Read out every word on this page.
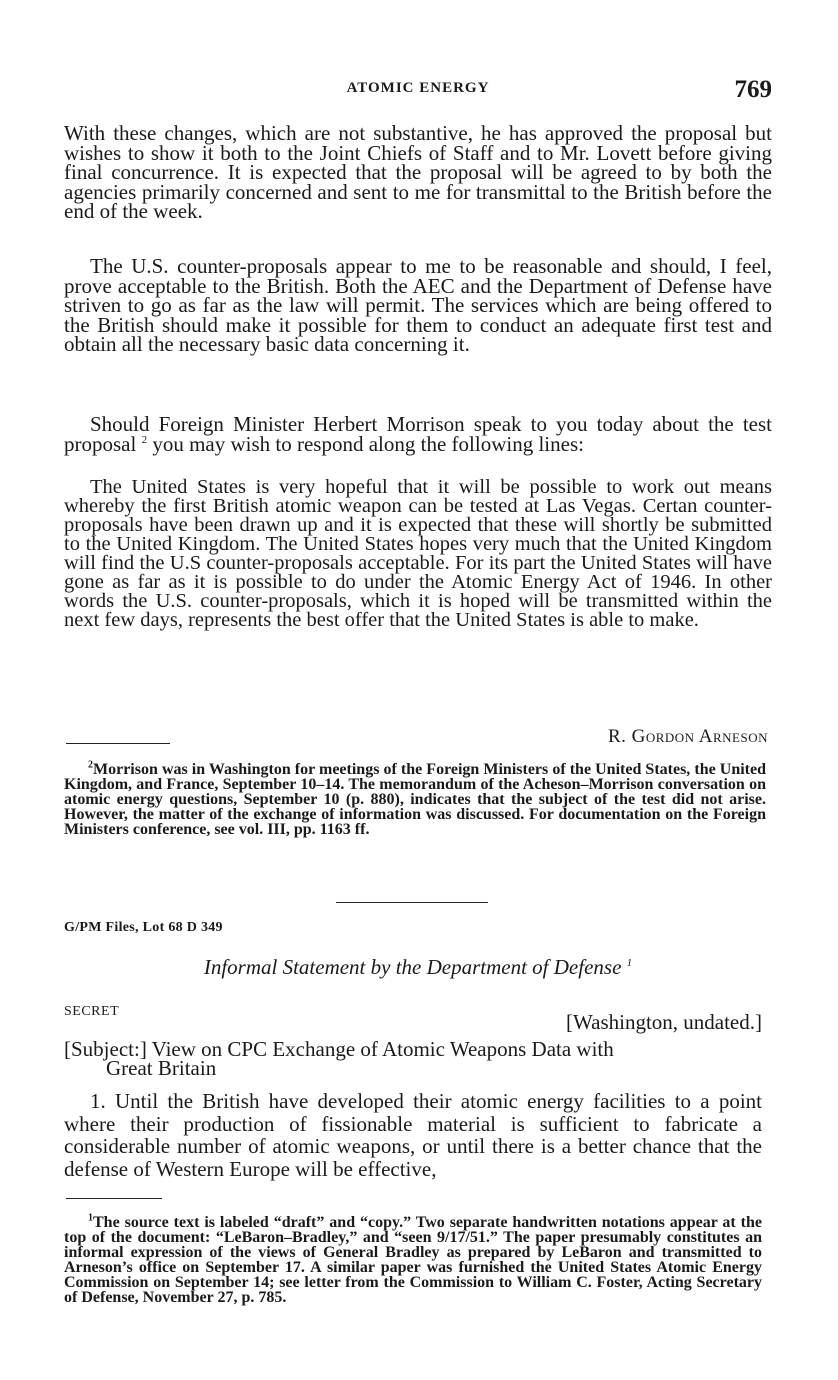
ATOMIC ENERGY	769

With these changes, which are not substantive, he has approved the proposal but wishes to show it both to the Joint Chiefs of Staff and to Mr. Lovett before giving final concurrence. It is expected that the proposal will be agreed to by both the agencies primarily concerned and sent to me for transmittal to the British before the end of the week.

The U.S. counter-proposals appear to me to be reasonable and should, I feel, prove acceptable to the British. Both the AEC and the Department of Defense have striven to go as far as the law will permit. The services which are being offered to the British should make it possible for them to conduct an adequate first test and obtain all the necessary basic data concerning it.

Should Foreign Minister Herbert Morrison speak to you today about the test proposal $^2$ you may wish to respond along the following lines:

The United States is very hopeful that it will be possible to work out means whereby the first British atomic weapon can be tested at Las Vegas. Certan counter-proposals have been drawn up and it is expected that these will shortly be submitted to the United Kingdom. The United States hopes very much that the United Kingdom will find the U.S counter-proposals acceptable. For its part the United States will have gone as far as it is possible to do under the Atomic Energy Act of 1946. In other words the U.S. counter-proposals, which it is hoped will be transmitted within the next few days, represents the best offer that the United States is able to make.

R. Gordon Arneson

$^2$Morrison was in Washington for meetings of the Foreign Ministers of the United States, the United Kingdom, and France, September 10–14. The memorandum of the Acheson–Morrison conversation on atomic energy questions, September 10 (p. 880), indicates that the subject of the test did not arise. However, the matter of the exchange of information was discussed. For documentation on the Foreign Ministers conference, see vol. III, pp. 1163 ff.

G/PM Files, Lot 68 D 349
Informal Statement by the Department of Defense $^1$
SECRET	[Washington, undated.]
[Subject:] View on CPC Exchange of Atomic Weapons Data with
Great Britain

1. Until the British have developed their atomic energy facilities to a point where their production of fissionable material is sufficient to fabricate a considerable number of atomic weapons, or until there is a better chance that the defense of Western Europe will be effective,

$^1$The source text is labeled “draft” and “copy.” Two separate handwritten notations appear at the top of the document: “LeBaron–Bradley,” and “seen 9/17/51.” The paper presumably constitutes an informal expression of the views of General Bradley as prepared by LeBaron and transmitted to Arneson’s office on September 17. A similar paper was furnished the United States Atomic Energy Commission on September 14; see letter from the Commission to William C. Foster, Acting Secretary of Defense, November 27, p. 785.
